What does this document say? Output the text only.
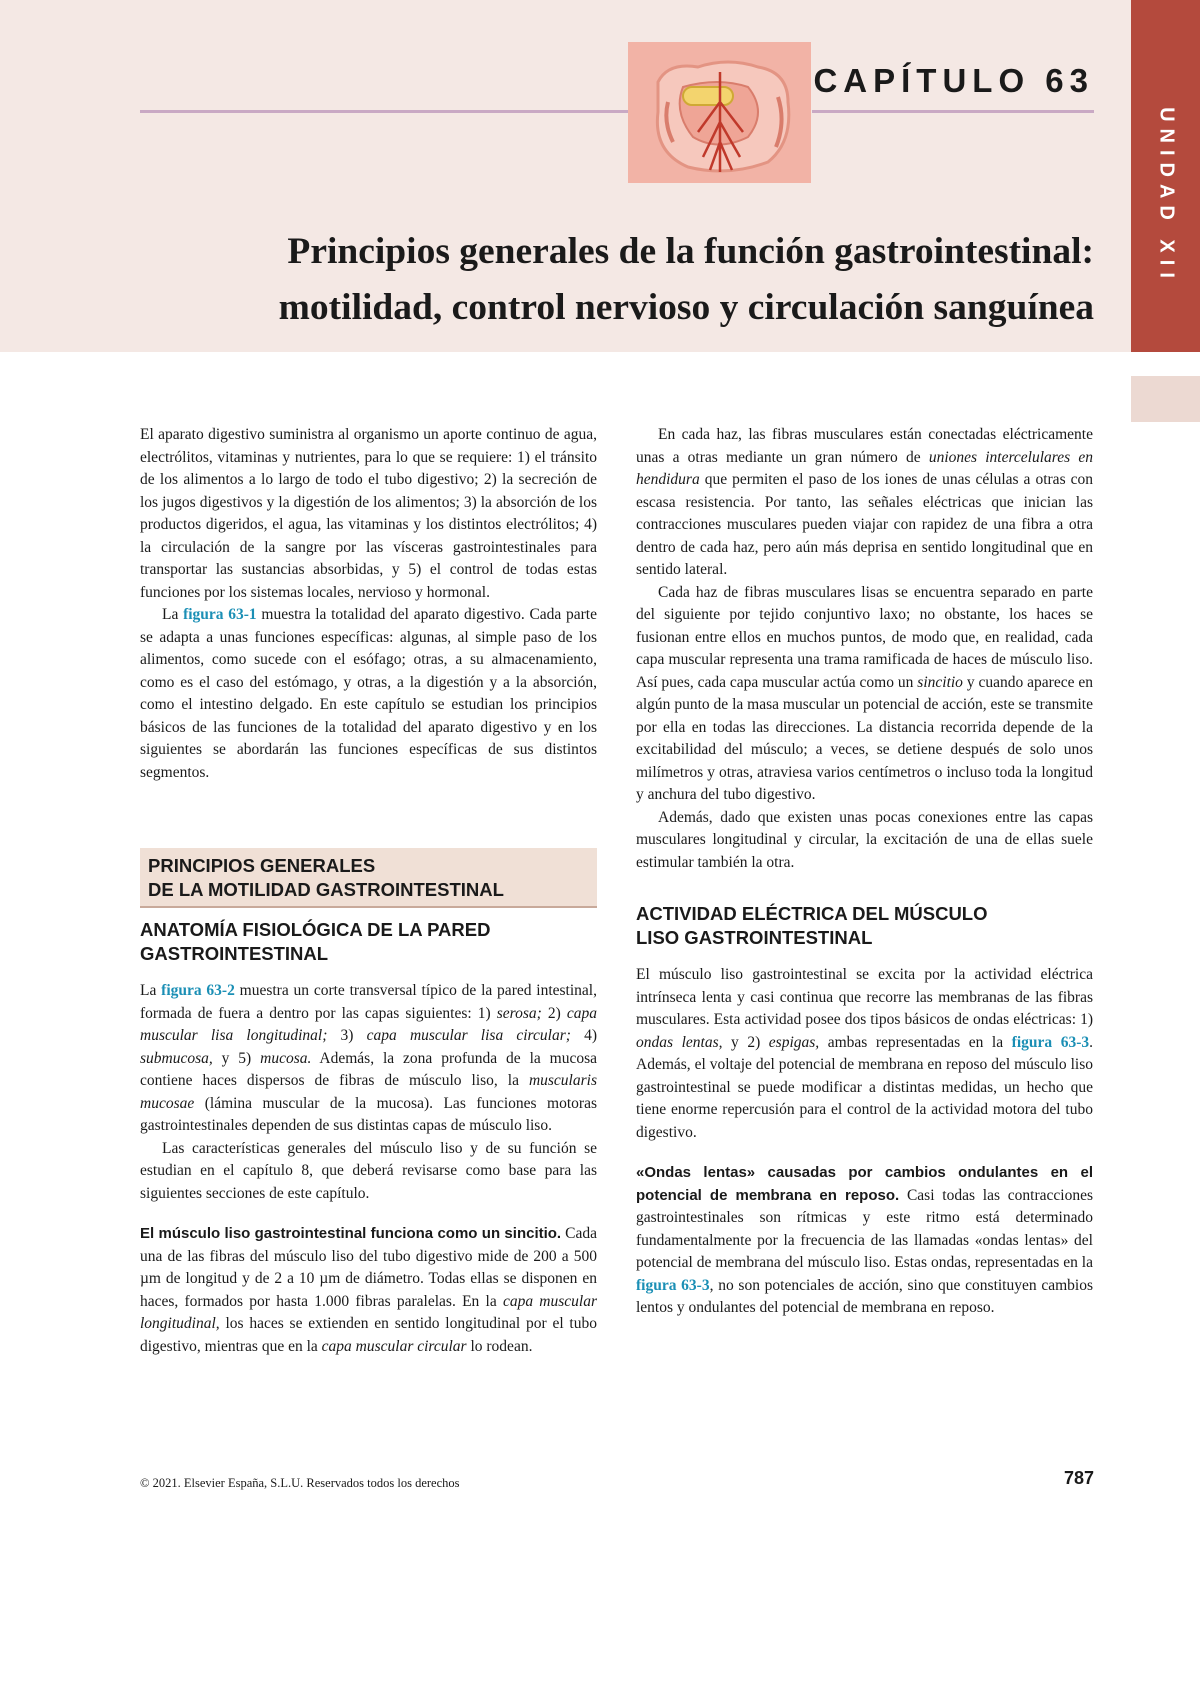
CAPÍTULO 63
Principios generales de la función gastrointestinal:
motilidad, control nervioso y circulación sanguínea
UNIDAD XII

El aparato digestivo suministra al organismo un aporte continuo de agua, electrólitos, vitaminas y nutrientes, para lo que se requiere: 1) el tránsito de los alimentos a lo largo de todo el tubo digestivo; 2) la secreción de los jugos digestivos y la digestión de los alimentos; 3) la absorción de los productos digeridos, el agua, las vitaminas y los distintos electrólitos; 4) la circulación de la sangre por las vísceras gastrointestinales para transportar las sustancias absorbidas, y 5) el control de todas estas funciones por los sistemas locales, nervioso y hormonal.

La figura 63-1 muestra la totalidad del aparato digestivo. Cada parte se adapta a unas funciones específicas: algunas, al simple paso de los alimentos, como sucede con el esófago; otras, a su almacenamiento, como es el caso del estómago, y otras, a la digestión y a la absorción, como el intestino delgado. En este capítulo se estudian los principios básicos de las funciones de la totalidad del aparato digestivo y en los siguientes se abordarán las funciones específicas de sus distintos segmentos.

PRINCIPIOS GENERALES
DE LA MOTILIDAD GASTROINTESTINAL
ANATOMÍA FISIOLÓGICA DE LA PARED
GASTROINTESTINAL

La figura 63-2 muestra un corte transversal típico de la pared intestinal, formada de fuera a dentro por las capas siguientes: 1) serosa; 2) capa muscular lisa longitudinal; 3) capa muscular lisa circular; 4) submucosa, y 5) mucosa. Además, la zona profunda de la mucosa contiene haces dispersos de fibras de músculo liso, la muscularis mucosae (lámina muscular de la mucosa). Las funciones motoras gastrointestinales dependen de sus distintas capas de músculo liso.

Las características generales del músculo liso y de su función se estudian en el capítulo 8, que deberá revisarse como base para las siguientes secciones de este capítulo.

El músculo liso gastrointestinal funciona como un sincitio. Cada una de las fibras del músculo liso del tubo digestivo mide de 200 a 500 µm de longitud y de 2 a 10 µm de diámetro. Todas ellas se disponen en haces, formados por hasta 1.000 fibras paralelas. En la capa muscular longitudinal, los haces se extienden en sentido longitudinal por el tubo digestivo, mientras que en la capa muscular circular lo rodean.

En cada haz, las fibras musculares están conectadas eléctricamente unas a otras mediante un gran número de uniones intercelulares en hendidura que permiten el paso de los iones de unas células a otras con escasa resistencia. Por tanto, las señales eléctricas que inician las contracciones musculares pueden viajar con rapidez de una fibra a otra dentro de cada haz, pero aún más deprisa en sentido longitudinal que en sentido lateral.

Cada haz de fibras musculares lisas se encuentra separado en parte del siguiente por tejido conjuntivo laxo; no obstante, los haces se fusionan entre ellos en muchos puntos, de modo que, en realidad, cada capa muscular representa una trama ramificada de haces de músculo liso. Así pues, cada capa muscular actúa como un sincitio y cuando aparece en algún punto de la masa muscular un potencial de acción, este se transmite por ella en todas las direcciones. La distancia recorrida depende de la excitabilidad del músculo; a veces, se detiene después de solo unos milímetros y otras, atraviesa varios centímetros o incluso toda la longitud y anchura del tubo digestivo.

Además, dado que existen unas pocas conexiones entre las capas musculares longitudinal y circular, la excitación de una de ellas suele estimular también la otra.

ACTIVIDAD ELÉCTRICA DEL MÚSCULO
LISO GASTROINTESTINAL

El músculo liso gastrointestinal se excita por la actividad eléctrica intrínseca lenta y casi continua que recorre las membranas de las fibras musculares. Esta actividad posee dos tipos básicos de ondas eléctricas: 1) ondas lentas, y 2) espigas, ambas representadas en la figura 63-3. Además, el voltaje del potencial de membrana en reposo del músculo liso gastrointestinal se puede modificar a distintas medidas, un hecho que tiene enorme repercusión para el control de la actividad motora del tubo digestivo.

«Ondas lentas» causadas por cambios ondulantes en el potencial de membrana en reposo. Casi todas las contracciones gastrointestinales son rítmicas y este ritmo está determinado fundamentalmente por la frecuencia de las llamadas «ondas lentas» del potencial de membrana del músculo liso. Estas ondas, representadas en la figura 63-3, no son potenciales de acción, sino que constituyen cambios lentos y ondulantes del potencial de membrana en reposo.

© 2021. Elsevier España, S.L.U. Reservados todos los derechos	787
